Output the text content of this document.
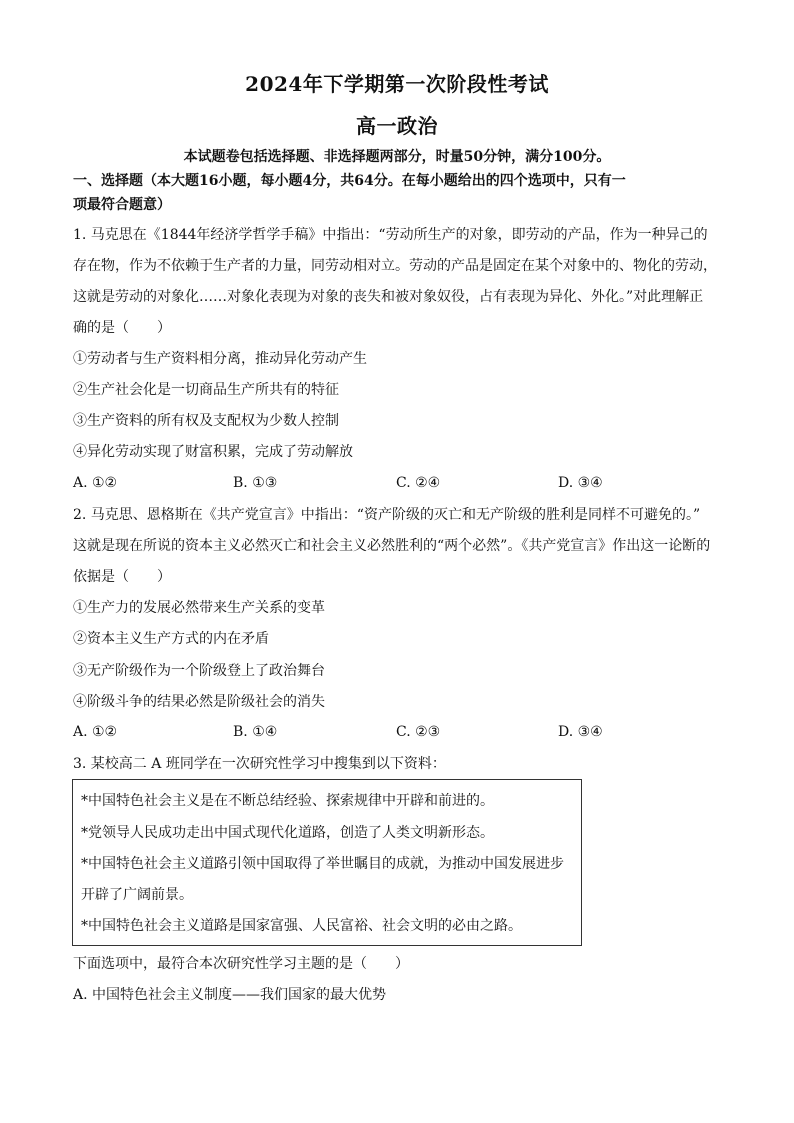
2024年下学期第一次阶段性考试
高一政治
本试题卷包括选择题、非选择题两部分，时量50分钟，满分100分。
一、选择题（本大题16小题，每小题4分，共64分。在每小题给出的四个选项中，只有一
项最符合题意）
1. 马克思在《1844年经济学哲学手稿》中指出：“劳动所生产的对象，即劳动的产品，作为一种异己的
存在物，作为不依赖于生产者的力量，同劳动相对立。劳动的产品是固定在某个对象中的、物化的劳动，
这就是劳动的对象化……对象化表现为对象的丧失和被对象奴役，占有表现为异化、外化。”对此理解正
确的是（　　）
①劳动者与生产资料相分离，推动异化劳动产生
②生产社会化是一切商品生产所共有的特征
③生产资料的所有权及支配权为少数人控制
④异化劳动实现了财富积累，完成了劳动解放
A. ①②	B. ①③	C. ②④	D. ③④
2. 马克思、恩格斯在《共产党宣言》中指出：“资产阶级的灭亡和无产阶级的胜利是同样不可避免的。”
这就是现在所说的资本主义必然灭亡和社会主义必然胜利的“两个必然”。《共产党宣言》作出这一论断的
依据是（　　）
①生产力的发展必然带来生产关系的变革
②资本主义生产方式的内在矛盾
③无产阶级作为一个阶级登上了政治舞台
④阶级斗争的结果必然是阶级社会的消失
A. ①②	B. ①④	C. ②③	D. ③④
3. 某校高二 A 班同学在一次研究性学习中搜集到以下资料：
*中国特色社会主义是在不断总结经验、探索规律中开辟和前进的。
*党领导人民成功走出中国式现代化道路，创造了人类文明新形态。
*中国特色社会主义道路引领中国取得了举世瞩目的成就，为推动中国发展进步
开辟了广阔前景。
*中国特色社会主义道路是国家富强、人民富裕、社会文明的必由之路。
下面选项中，最符合本次研究性学习主题的是（　　）
A. 中国特色社会主义制度——我们国家的最大优势
